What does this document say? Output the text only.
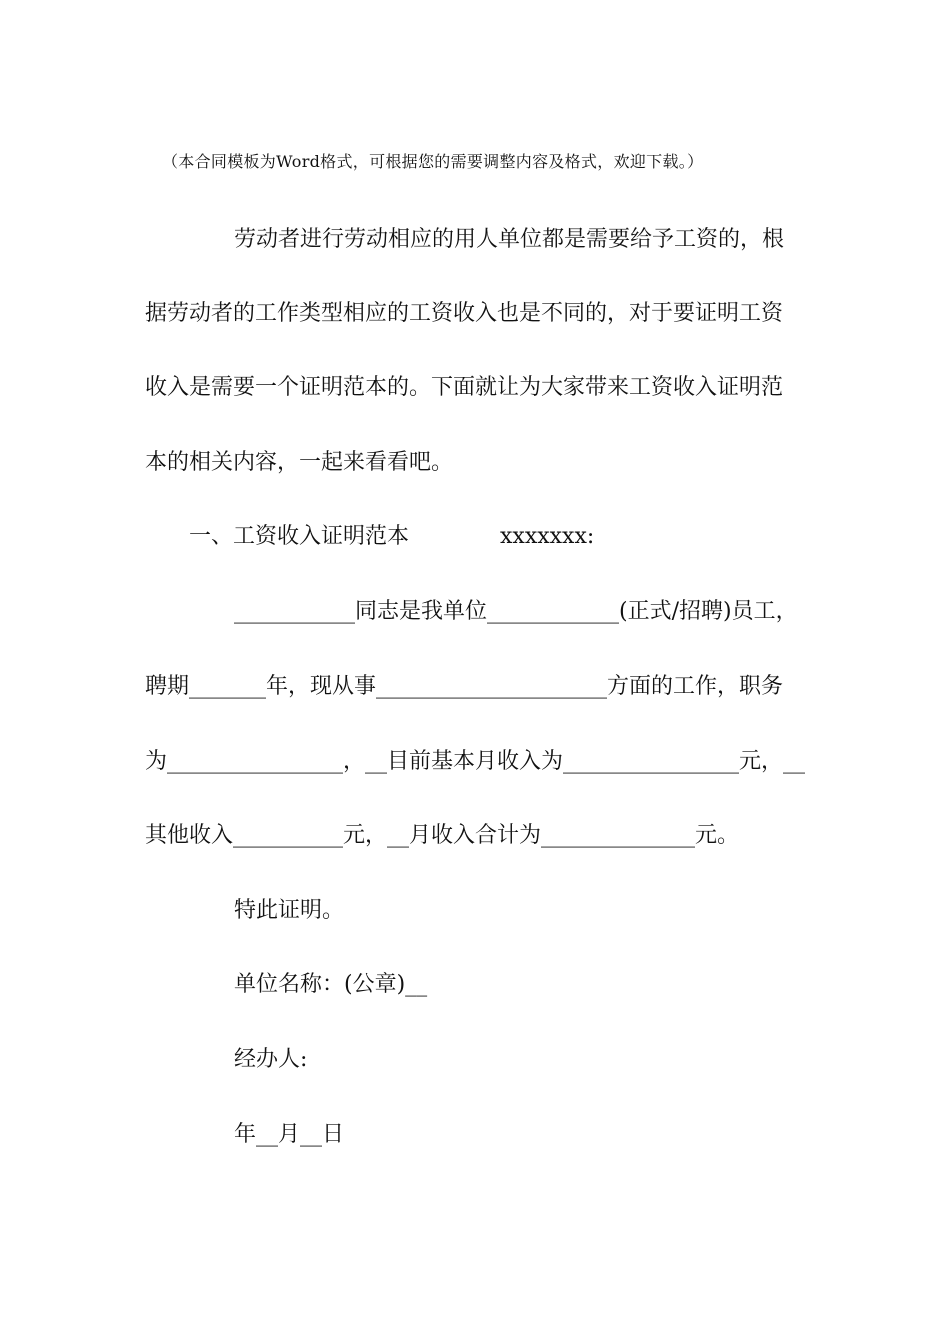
（本合同模板为Word格式，可根据您的需要调整内容及格式，欢迎下载。）
劳动者进行劳动相应的用人单位都是需要给予工资的，根
据劳动者的工作类型相应的工资收入也是不同的，对于要证明工资
收入是需要一个证明范本的。下面就让为大家带来工资收入证明范
本的相关内容，一起来看看吧。
一、工资收入证明范本	xxxxxxx:
___________同志是我单位____________(正式/招聘)员工，
聘期_______年，现从事_____________________方面的工作，职务
为________________，__目前基本月收入为________________元，__
其他收入__________元，__月收入合计为______________元。
特此证明。
单位名称：(公章)__
经办人:
年__月__日
